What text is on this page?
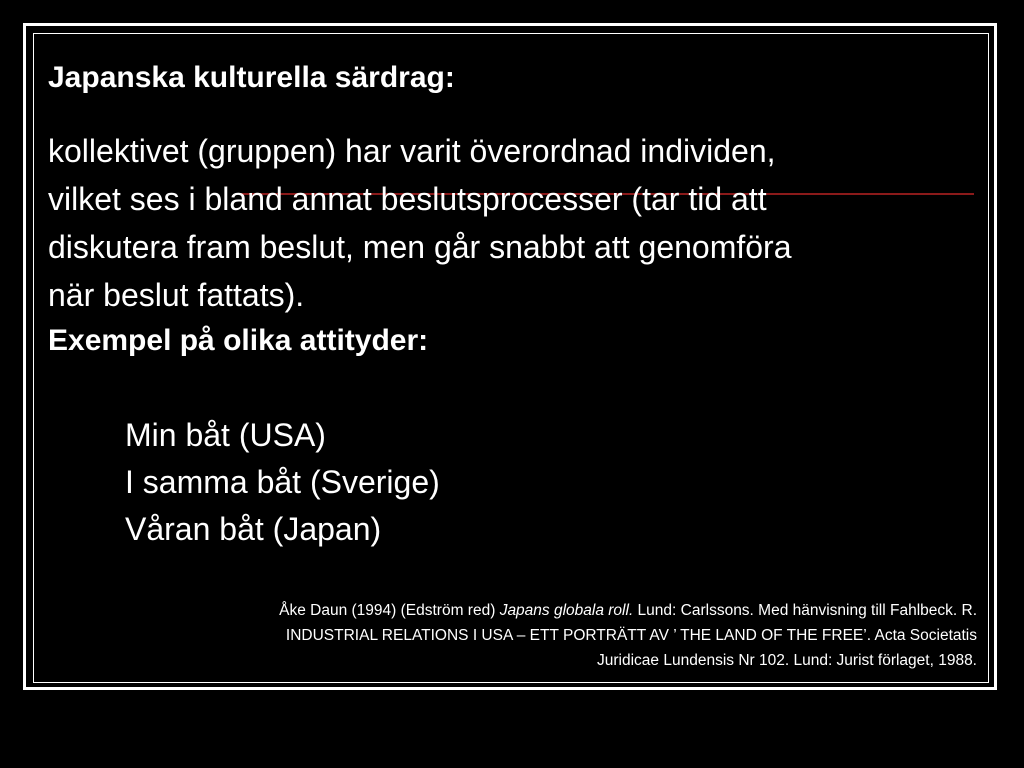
Japanska kulturella särdrag:
kollektivet (gruppen) har varit överordnad individen,
vilket ses i bland annat beslutsprocesser (tar tid att
diskutera fram beslut, men går snabbt att genomföra
när beslut fattats).
Exempel på olika attityder:
Min båt (USA)
I samma båt (Sverige)
Våran båt (Japan)
Åke Daun (1994) (Edström red) Japans globala roll. Lund: Carlssons. Med hänvisning till Fahlbeck. R.
INDUSTRIAL RELATIONS I USA – ETT PORTRÄTT AV ’ THE LAND OF THE FREE’. Acta Societatis
Juridicae Lundensis Nr 102. Lund: Jurist förlaget, 1988.
